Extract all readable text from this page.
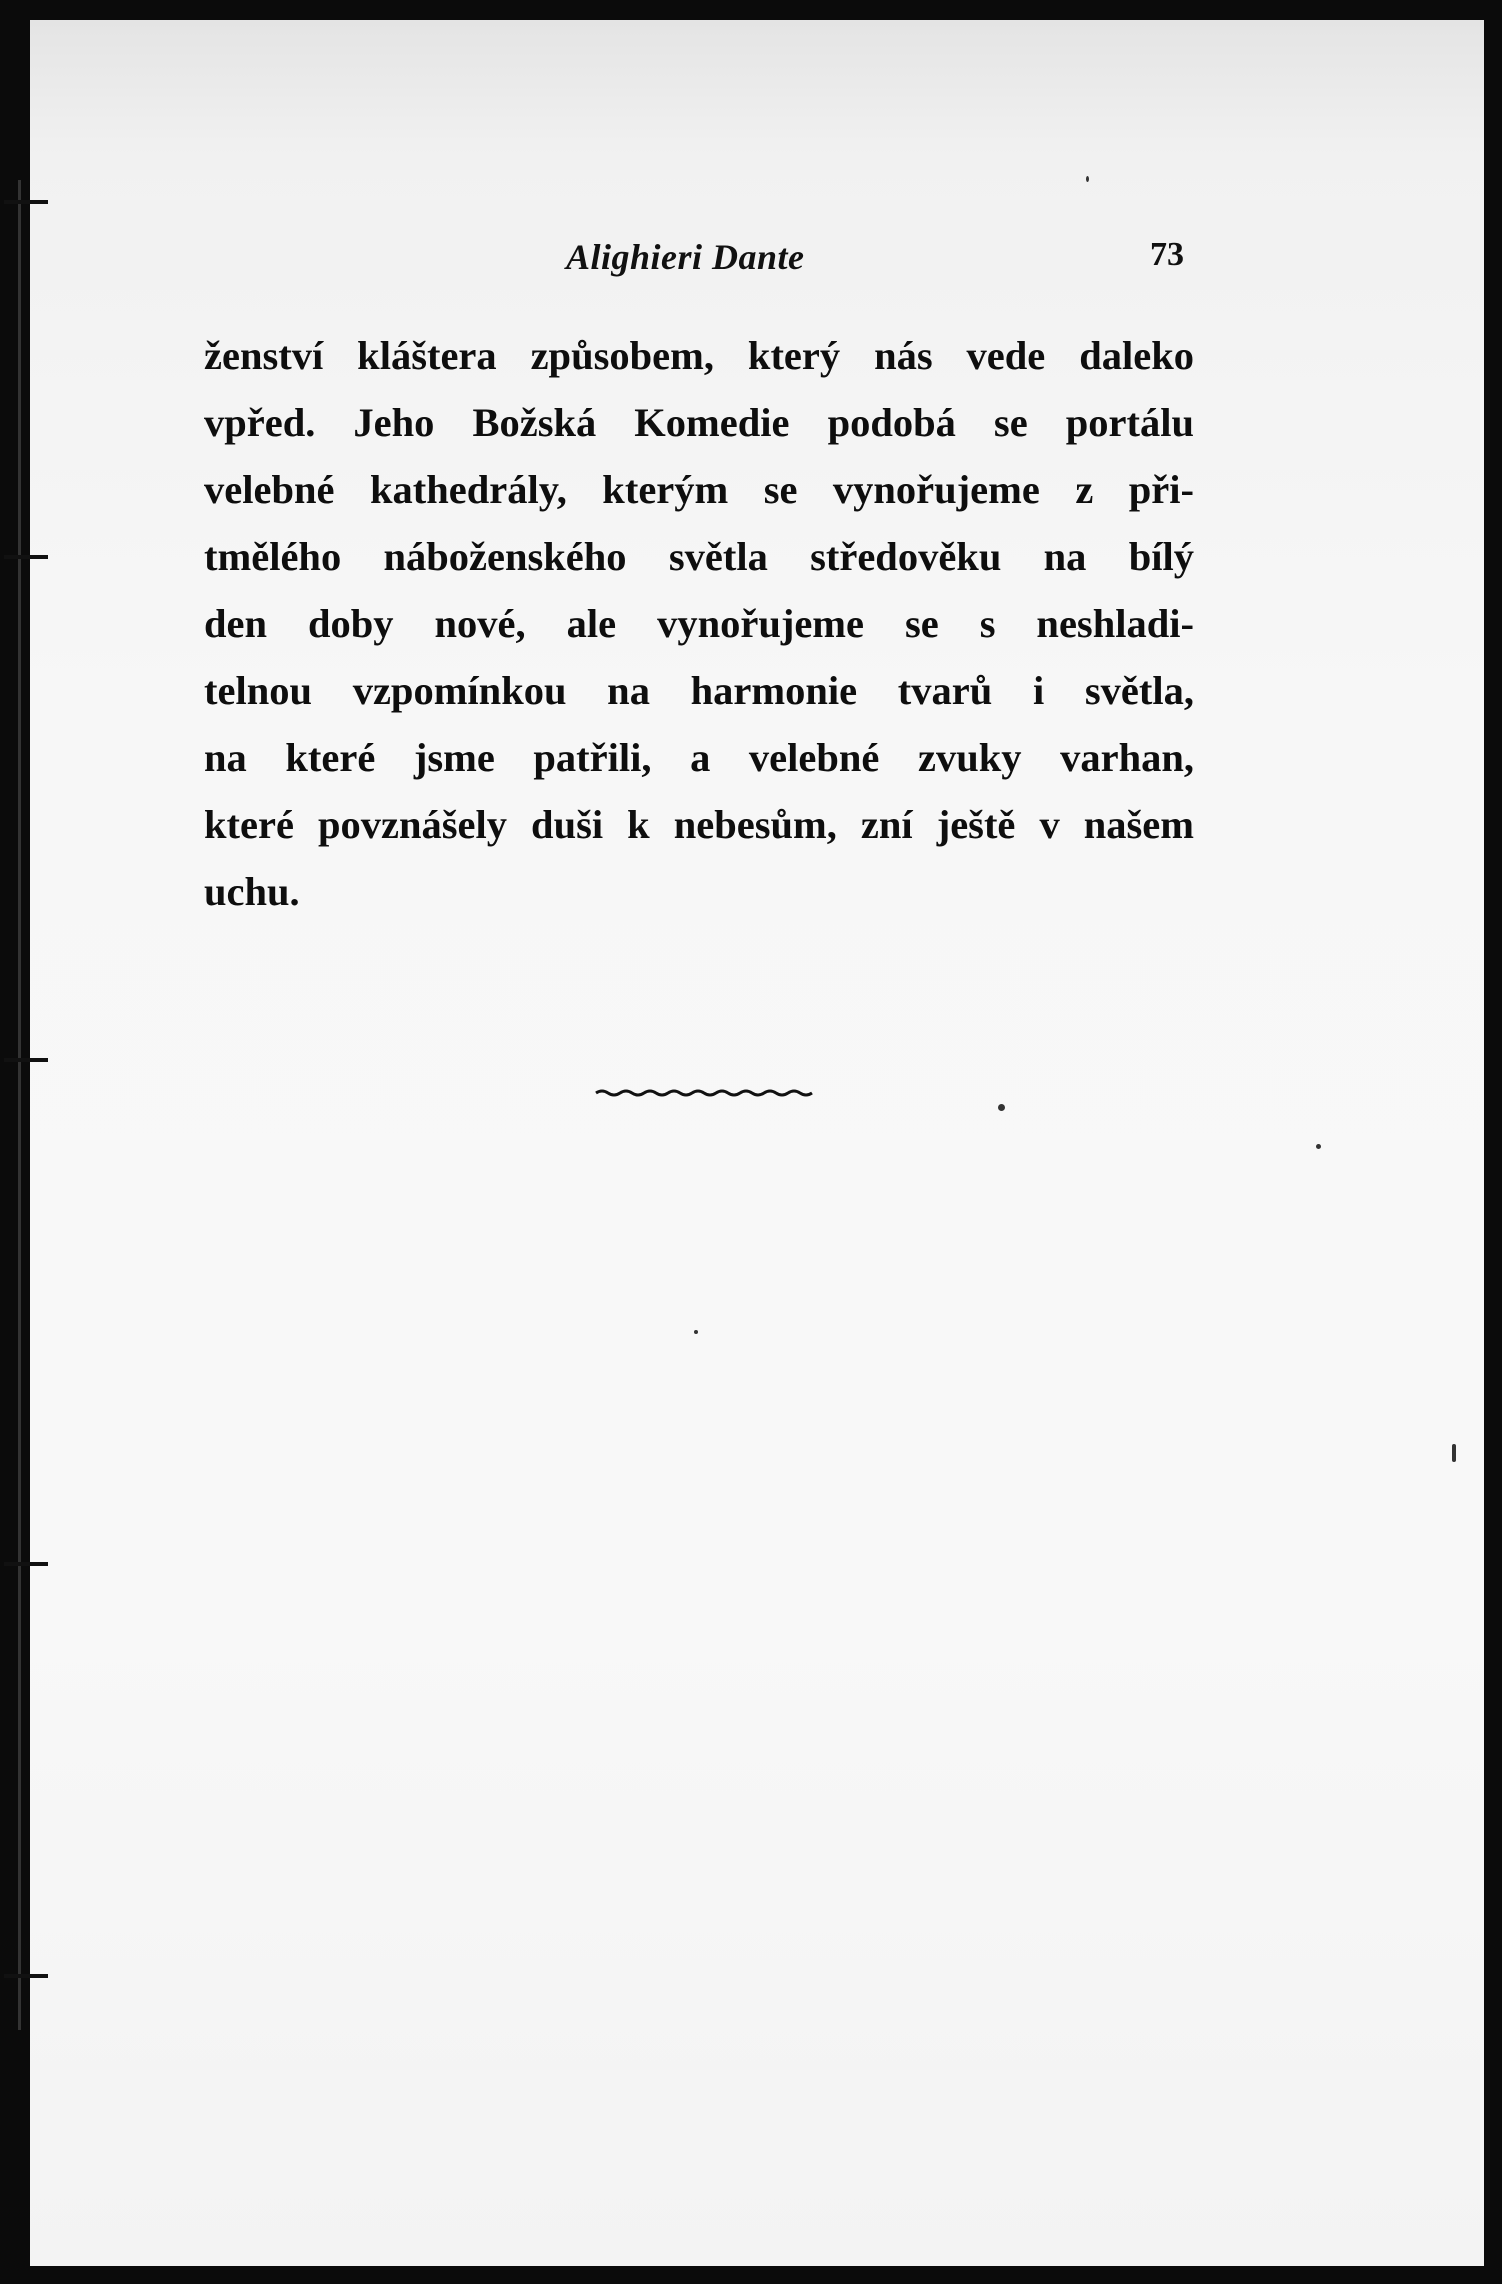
Alighieri Dante	73
ženství kláštera způsobem, který nás vede daleko
vpřed. Jeho Božská Komedie podobá se portálu
velebné kathedrály, kterým se vynořujeme z při-
tmělého náboženského světla středověku na bílý
den doby nové, ale vynořujeme se s neshladi-
telnou vzpomínkou na harmonie tvarů i světla,
na které jsme patřili, a velebné zvuky varhan,
které povznášely duši k nebesům, zní ještě v našem
uchu.
